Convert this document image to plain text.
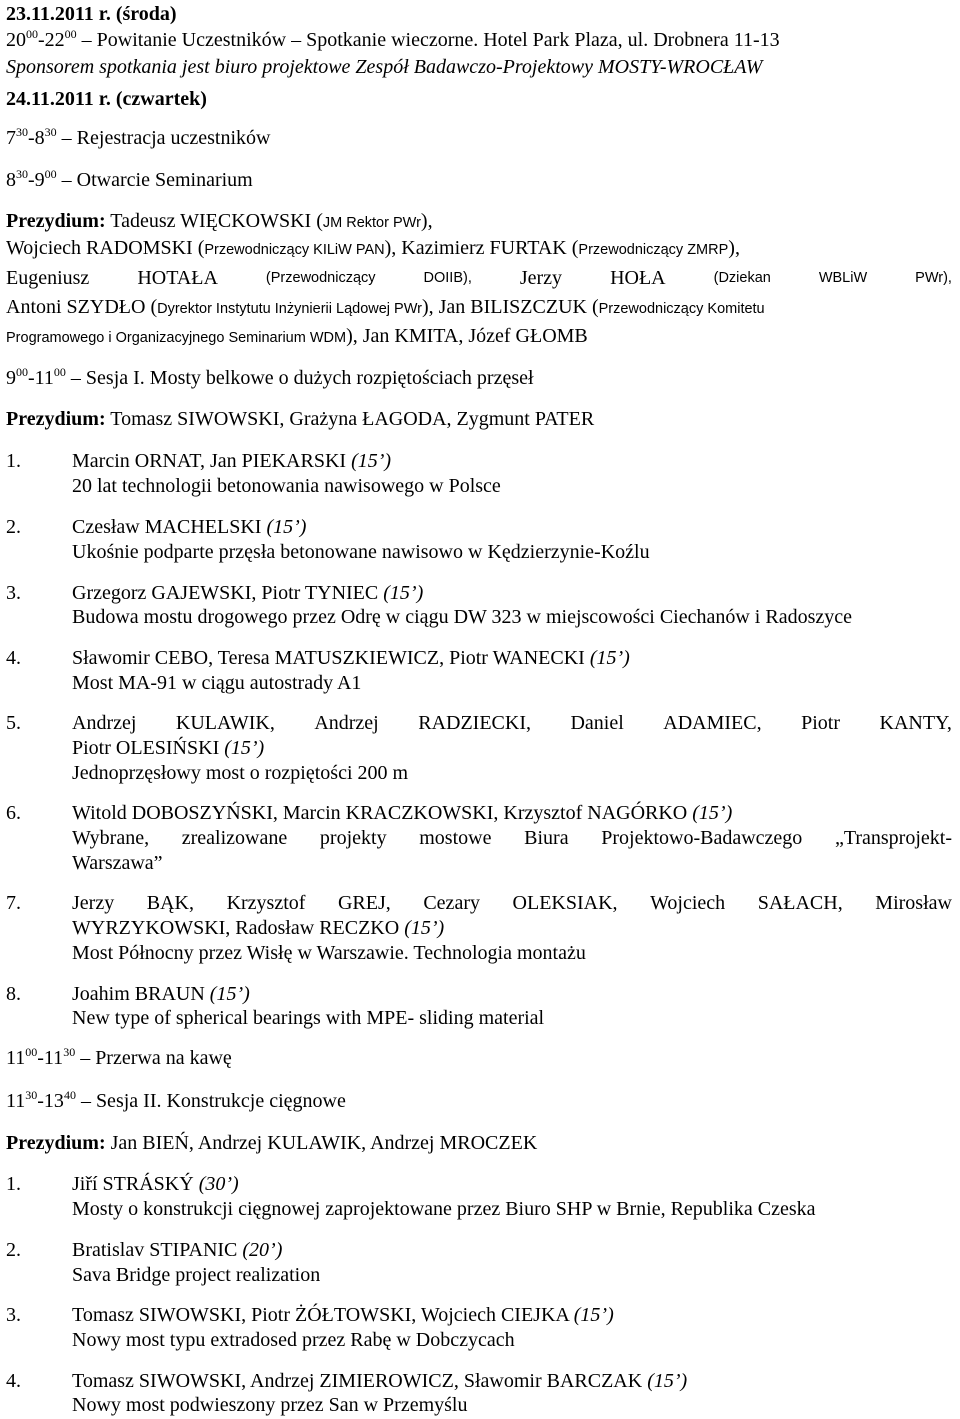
23.11.2011 r. (środa)
$20^{00}-22^{00}$ – Powitanie Uczestników – Spotkanie wieczorne. Hotel Park Plaza, ul. Drobnera 11-13
Sponsorem spotkania jest biuro projektowe Zespół Badawczo-Projektowy MOSTY-WROCŁAW
24.11.2011 r. (czwartek)
$7^{30}-8^{30}$ – Rejestracja uczestników
$8^{30}-9^{00}$ – Otwarcie Seminarium
Prezydium: Tadeusz WIĘCKOWSKI (JM Rektor PWr),
Wojciech RADOMSKI (Przewodniczący KILiW PAN), Kazimierz FURTAK (Przewodniczący ZMRP),
Eugeniusz HOTAŁA	(Przewodniczący	DOIIB), Jerzy HOŁA	(Dziekan	WBLiW	PWr),
Antoni SZYDŁO (Dyrektor Instytutu Inżynierii Lądowej PWr), Jan BILISZCZUK (Przewodniczący Komitetu
Programowego i Organizacyjnego Seminarium WDM), Jan KMITA, Józef GŁOMB
$9^{00}-11^{00}$ – Sesja I. Mosty belkowe o dużych rozpiętościach przęseł
Prezydium: Tomasz SIWOWSKI, Grażyna ŁAGODA, Zygmunt PATER
1.	Marcin ORNAT, Jan PIEKARSKI (15’)
20 lat technologii betonowania nawisowego w Polsce
2.	Czesław MACHELSKI (15’)
Ukośnie podparte przęsła betonowane nawisowo w Kędzierzynie-Koźlu
3.	Grzegorz GAJEWSKI, Piotr TYNIEC (15’)
Budowa mostu drogowego przez Odrę w ciągu DW 323 w miejscowości Ciechanów i Radoszyce
4.	Sławomir CEBO, Teresa MATUSZKIEWICZ, Piotr WANECKI (15’)
Most MA-91 w ciągu autostrady A1
5.	Andrzej KULAWIK, Andrzej RADZIECKI, Daniel ADAMIEC, Piotr KANTY,
Piotr OLESIŃSKI (15’)
Jednoprzęsłowy most o rozpiętości 200 m
6.	Witold DOBOSZYŃSKI, Marcin KRACZKOWSKI, Krzysztof NAGÓRKO (15’)
Wybrane, zrealizowane projekty mostowe Biura Projektowo-Badawczego „Transprojekt-
Warszawa”
7.	Jerzy BĄK, Krzysztof GREJ, Cezary OLEKSIAK, Wojciech SAŁACH, Mirosław
WYRZYKOWSKI, Radosław RECZKO (15’)
Most Północny przez Wisłę w Warszawie. Technologia montażu
8.	Joahim BRAUN (15’)
New type of spherical bearings with MPE- sliding material
$11^{00}-11^{30}$ – Przerwa na kawę
$11^{30}-13^{40}$ – Sesja II. Konstrukcje cięgnowe
Prezydium: Jan BIEŃ, Andrzej KULAWIK, Andrzej MROCZEK
1.	Jiří STRÁSKÝ (30’)
Mosty o konstrukcji cięgnowej zaprojektowane przez Biuro SHP w Brnie, Republika Czeska
2.	Bratislav STIPANIC (20’)
Sava Bridge project realization
3.	Tomasz SIWOWSKI, Piotr ŻÓŁTOWSKI, Wojciech CIEJKA (15’)
Nowy most typu extradosed przez Rabę w Dobczycach
4.	Tomasz SIWOWSKI, Andrzej ZIMIEROWICZ, Sławomir BARCZAK (15’)
Nowy most podwieszony przez San w Przemyślu
